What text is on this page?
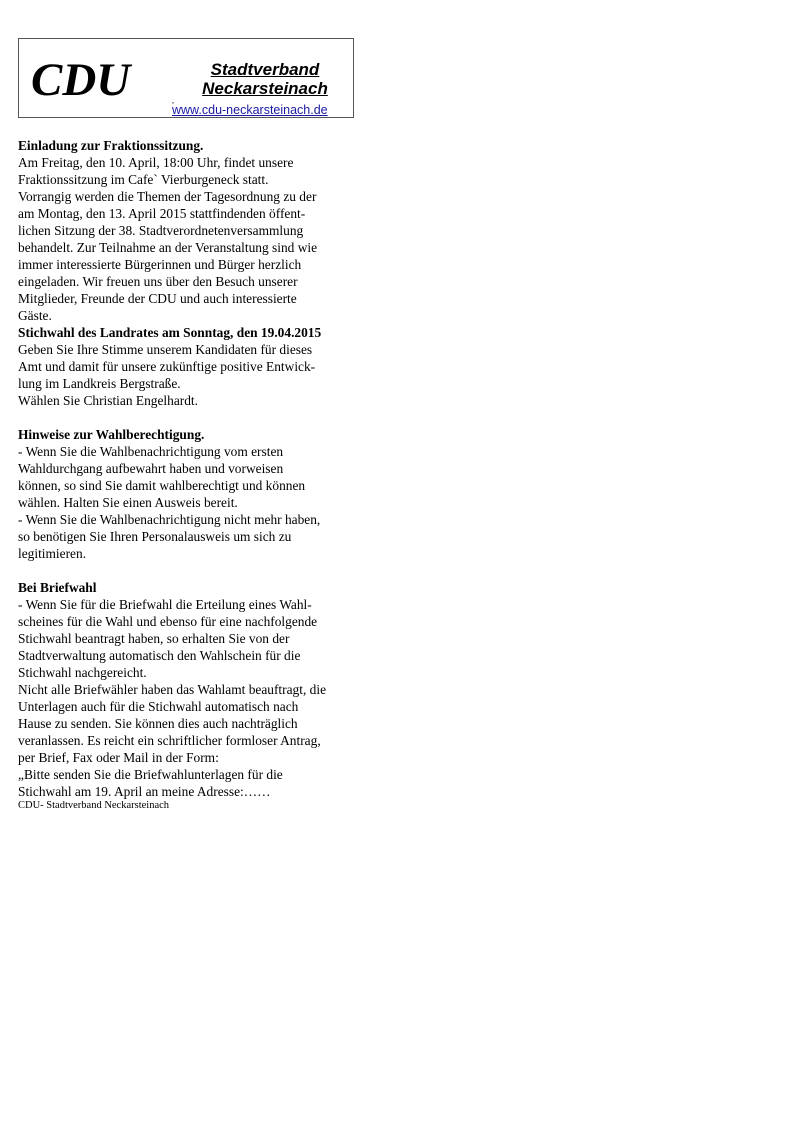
CDU	Stadtverband
Neckarsteinach
,
www.cdu-neckarsteinach.de
Einladung zur Fraktionssitzung.
Am Freitag, den 10. April, 18:00 Uhr, findet unsere
Fraktionssitzung im Cafe` Vierburgeneck statt.
Vorrangig werden die Themen der Tagesordnung zu der
am Montag, den 13. April 2015 stattfindenden öffent-
lichen Sitzung der 38. Stadtverordnetenversammlung
behandelt. Zur Teilnahme an der Veranstaltung sind wie
immer interessierte Bürgerinnen und Bürger herzlich
eingeladen. Wir freuen uns über den Besuch unserer
Mitglieder, Freunde der CDU und auch interessierte
Gäste.
Stichwahl des Landrates am Sonntag, den 19.04.2015
Geben Sie Ihre Stimme unserem Kandidaten für dieses
Amt und damit für unsere zukünftige positive Entwick-
lung im Landkreis Bergstraße.
Wählen Sie Christian Engelhardt.
Hinweise zur Wahlberechtigung.
- Wenn Sie die Wahlbenachrichtigung vom ersten
Wahldurchgang aufbewahrt haben und vorweisen
können, so sind Sie damit wahlberechtigt und können
wählen. Halten Sie einen Ausweis bereit.
- Wenn Sie die Wahlbenachrichtigung nicht mehr haben,
so benötigen Sie Ihren Personalausweis um sich zu
legitimieren.
Bei Briefwahl
- Wenn Sie für die Briefwahl die Erteilung eines Wahl-
scheines für die Wahl und ebenso für eine nachfolgende
Stichwahl beantragt haben, so erhalten Sie von der
Stadtverwaltung automatisch den Wahlschein für die
Stichwahl nachgereicht.
Nicht alle Briefwähler haben das Wahlamt beauftragt, die
Unterlagen auch für die Stichwahl automatisch nach
Hause zu senden. Sie können dies auch nachträglich
veranlassen. Es reicht ein schriftlicher formloser Antrag,
per Brief, Fax oder Mail in der Form:
„Bitte senden Sie die Briefwahlunterlagen für die
Stichwahl am 19. April an meine Adresse:……
CDU- Stadtverband Neckarsteinach
